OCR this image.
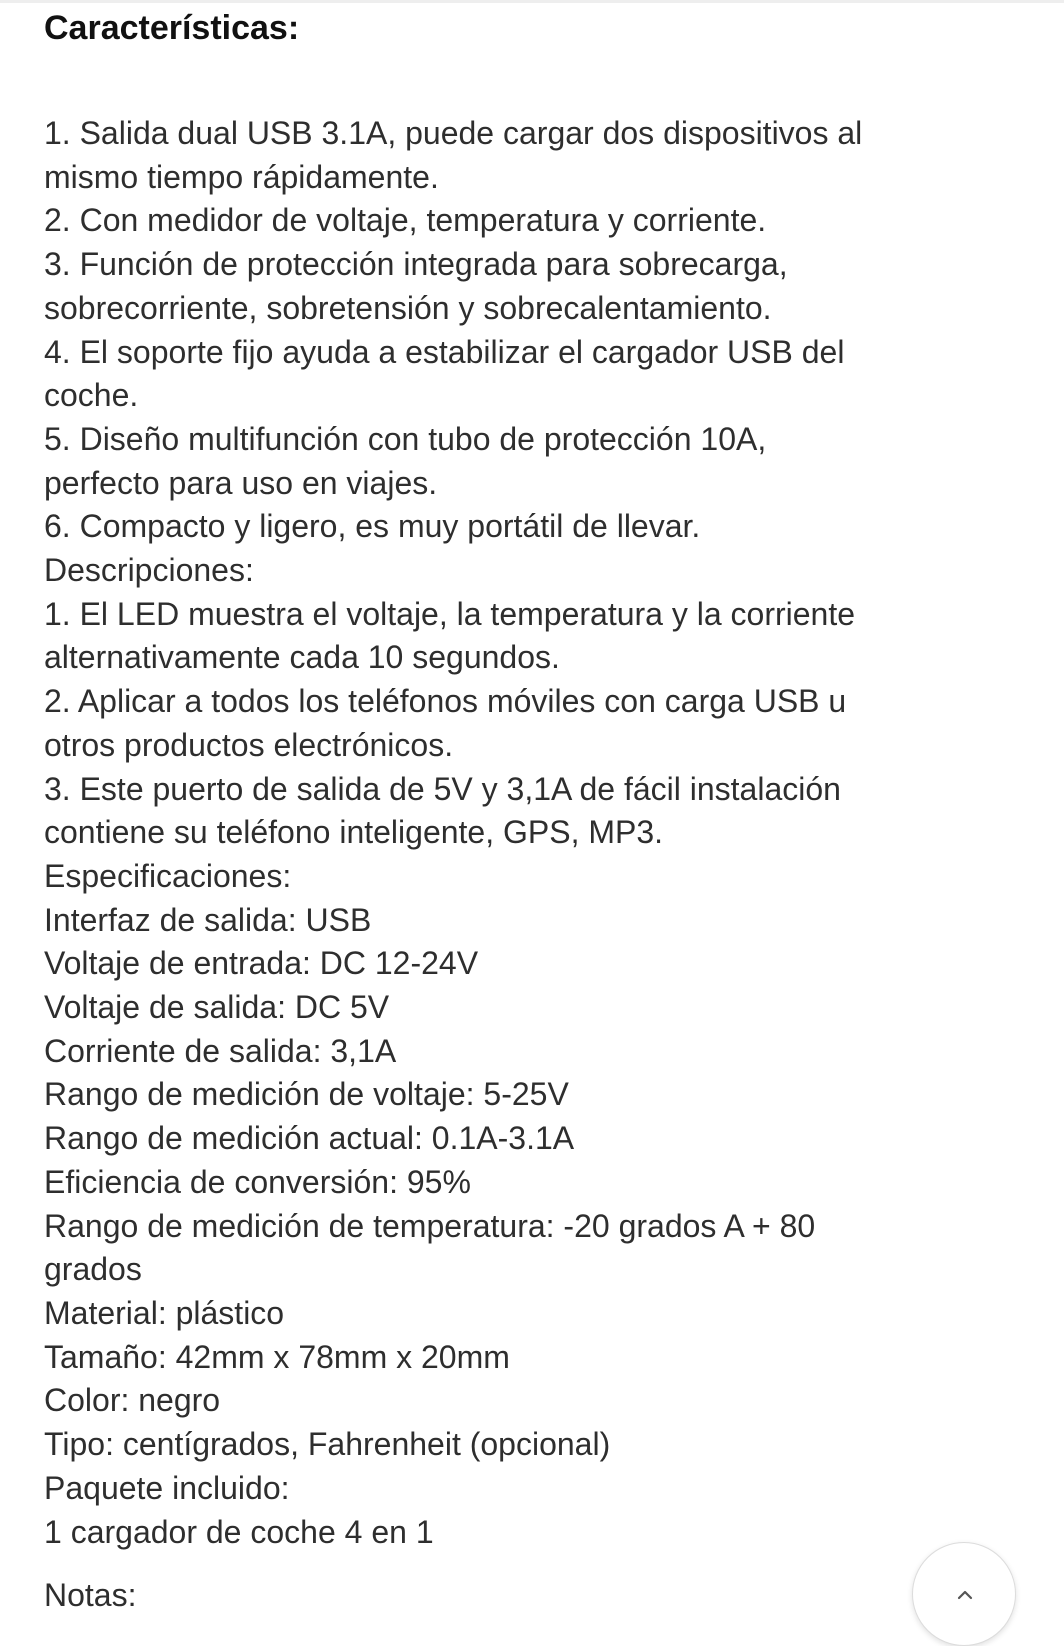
Características:
1. Salida dual USB 3.1A, puede cargar dos dispositivos al
mismo tiempo rápidamente.
2. Con medidor de voltaje, temperatura y corriente.
3. Función de protección integrada para sobrecarga,
sobrecorriente, sobretensión y sobrecalentamiento.
4. El soporte fijo ayuda a estabilizar el cargador USB del
coche.
5. Diseño multifunción con tubo de protección 10A,
perfecto para uso en viajes.
6. Compacto y ligero, es muy portátil de llevar.
Descripciones:
1. El LED muestra el voltaje, la temperatura y la corriente
alternativamente cada 10 segundos.
2. Aplicar a todos los teléfonos móviles con carga USB u
otros productos electrónicos.
3. Este puerto de salida de 5V y 3,1A de fácil instalación
contiene su teléfono inteligente, GPS, MP3.
Especificaciones:
Interfaz de salida: USB
Voltaje de entrada: DC 12-24V
Voltaje de salida: DC 5V
Corriente de salida: 3,1A
Rango de medición de voltaje: 5-25V
Rango de medición actual: 0.1A-3.1A
Eficiencia de conversión: 95%
Rango de medición de temperatura: -20 grados A + 80
grados
Material: plástico
Tamaño: 42mm x 78mm x 20mm
Color: negro
Tipo: centígrados, Fahrenheit (opcional)
Paquete incluido:
1 cargador de coche 4 en 1
Notas:
